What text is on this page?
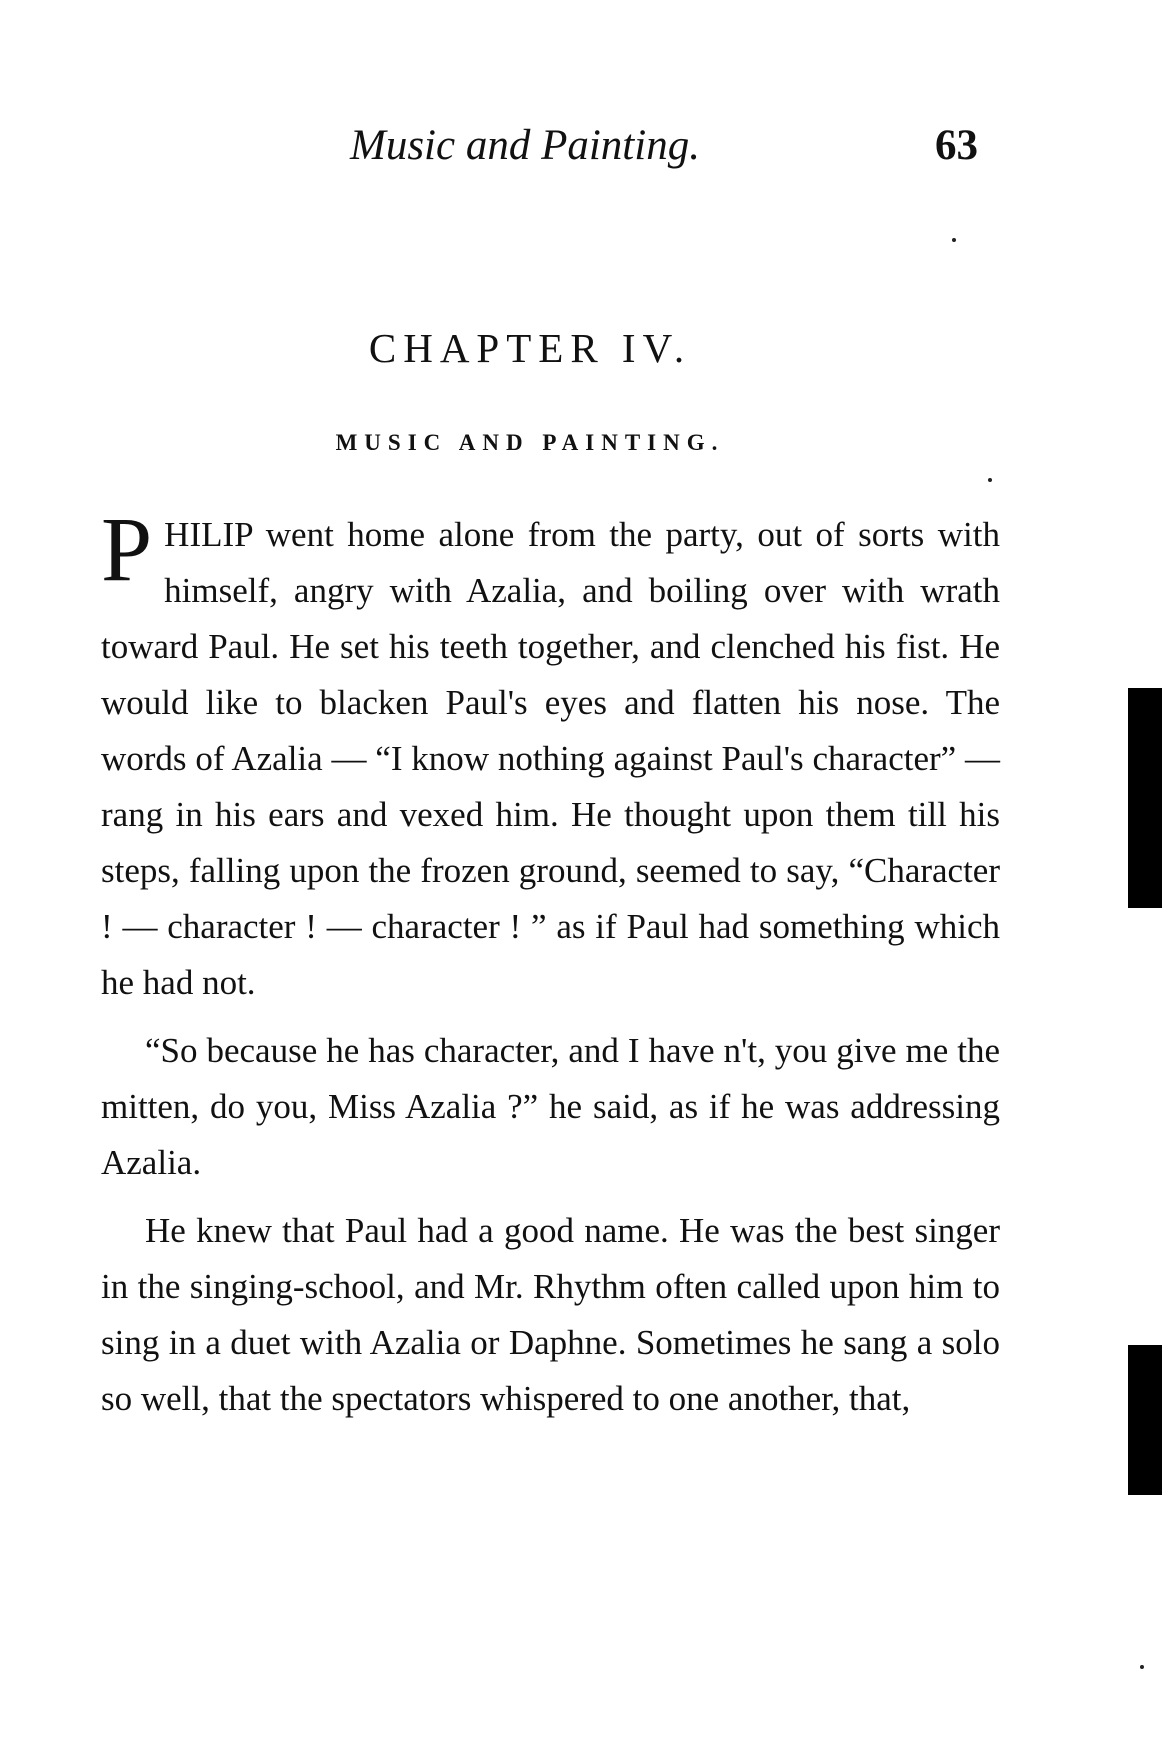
Music and Painting.	63
CHAPTER IV.
MUSIC AND PAINTING.

PHILIP went home alone from the party, out of sorts with himself, angry with Azalia, and boiling over with wrath toward Paul. He set his teeth together, and clenched his fist. He would like to blacken Paul's eyes and flatten his nose. The words of Azalia — “I know nothing against Paul's character” — rang in his ears and vexed him. He thought upon them till his steps, falling upon the frozen ground, seemed to say, “Character ! — character ! — character ! ” as if Paul had something which he had not.

“So because he has character, and I have n't, you give me the mitten, do you, Miss Azalia ?” he said, as if he was addressing Azalia.

He knew that Paul had a good name. He was the best singer in the singing-school, and Mr. Rhythm often called upon him to sing in a duet with Azalia or Daphne. Sometimes he sang a solo so well, that the spectators whispered to one another, that,
